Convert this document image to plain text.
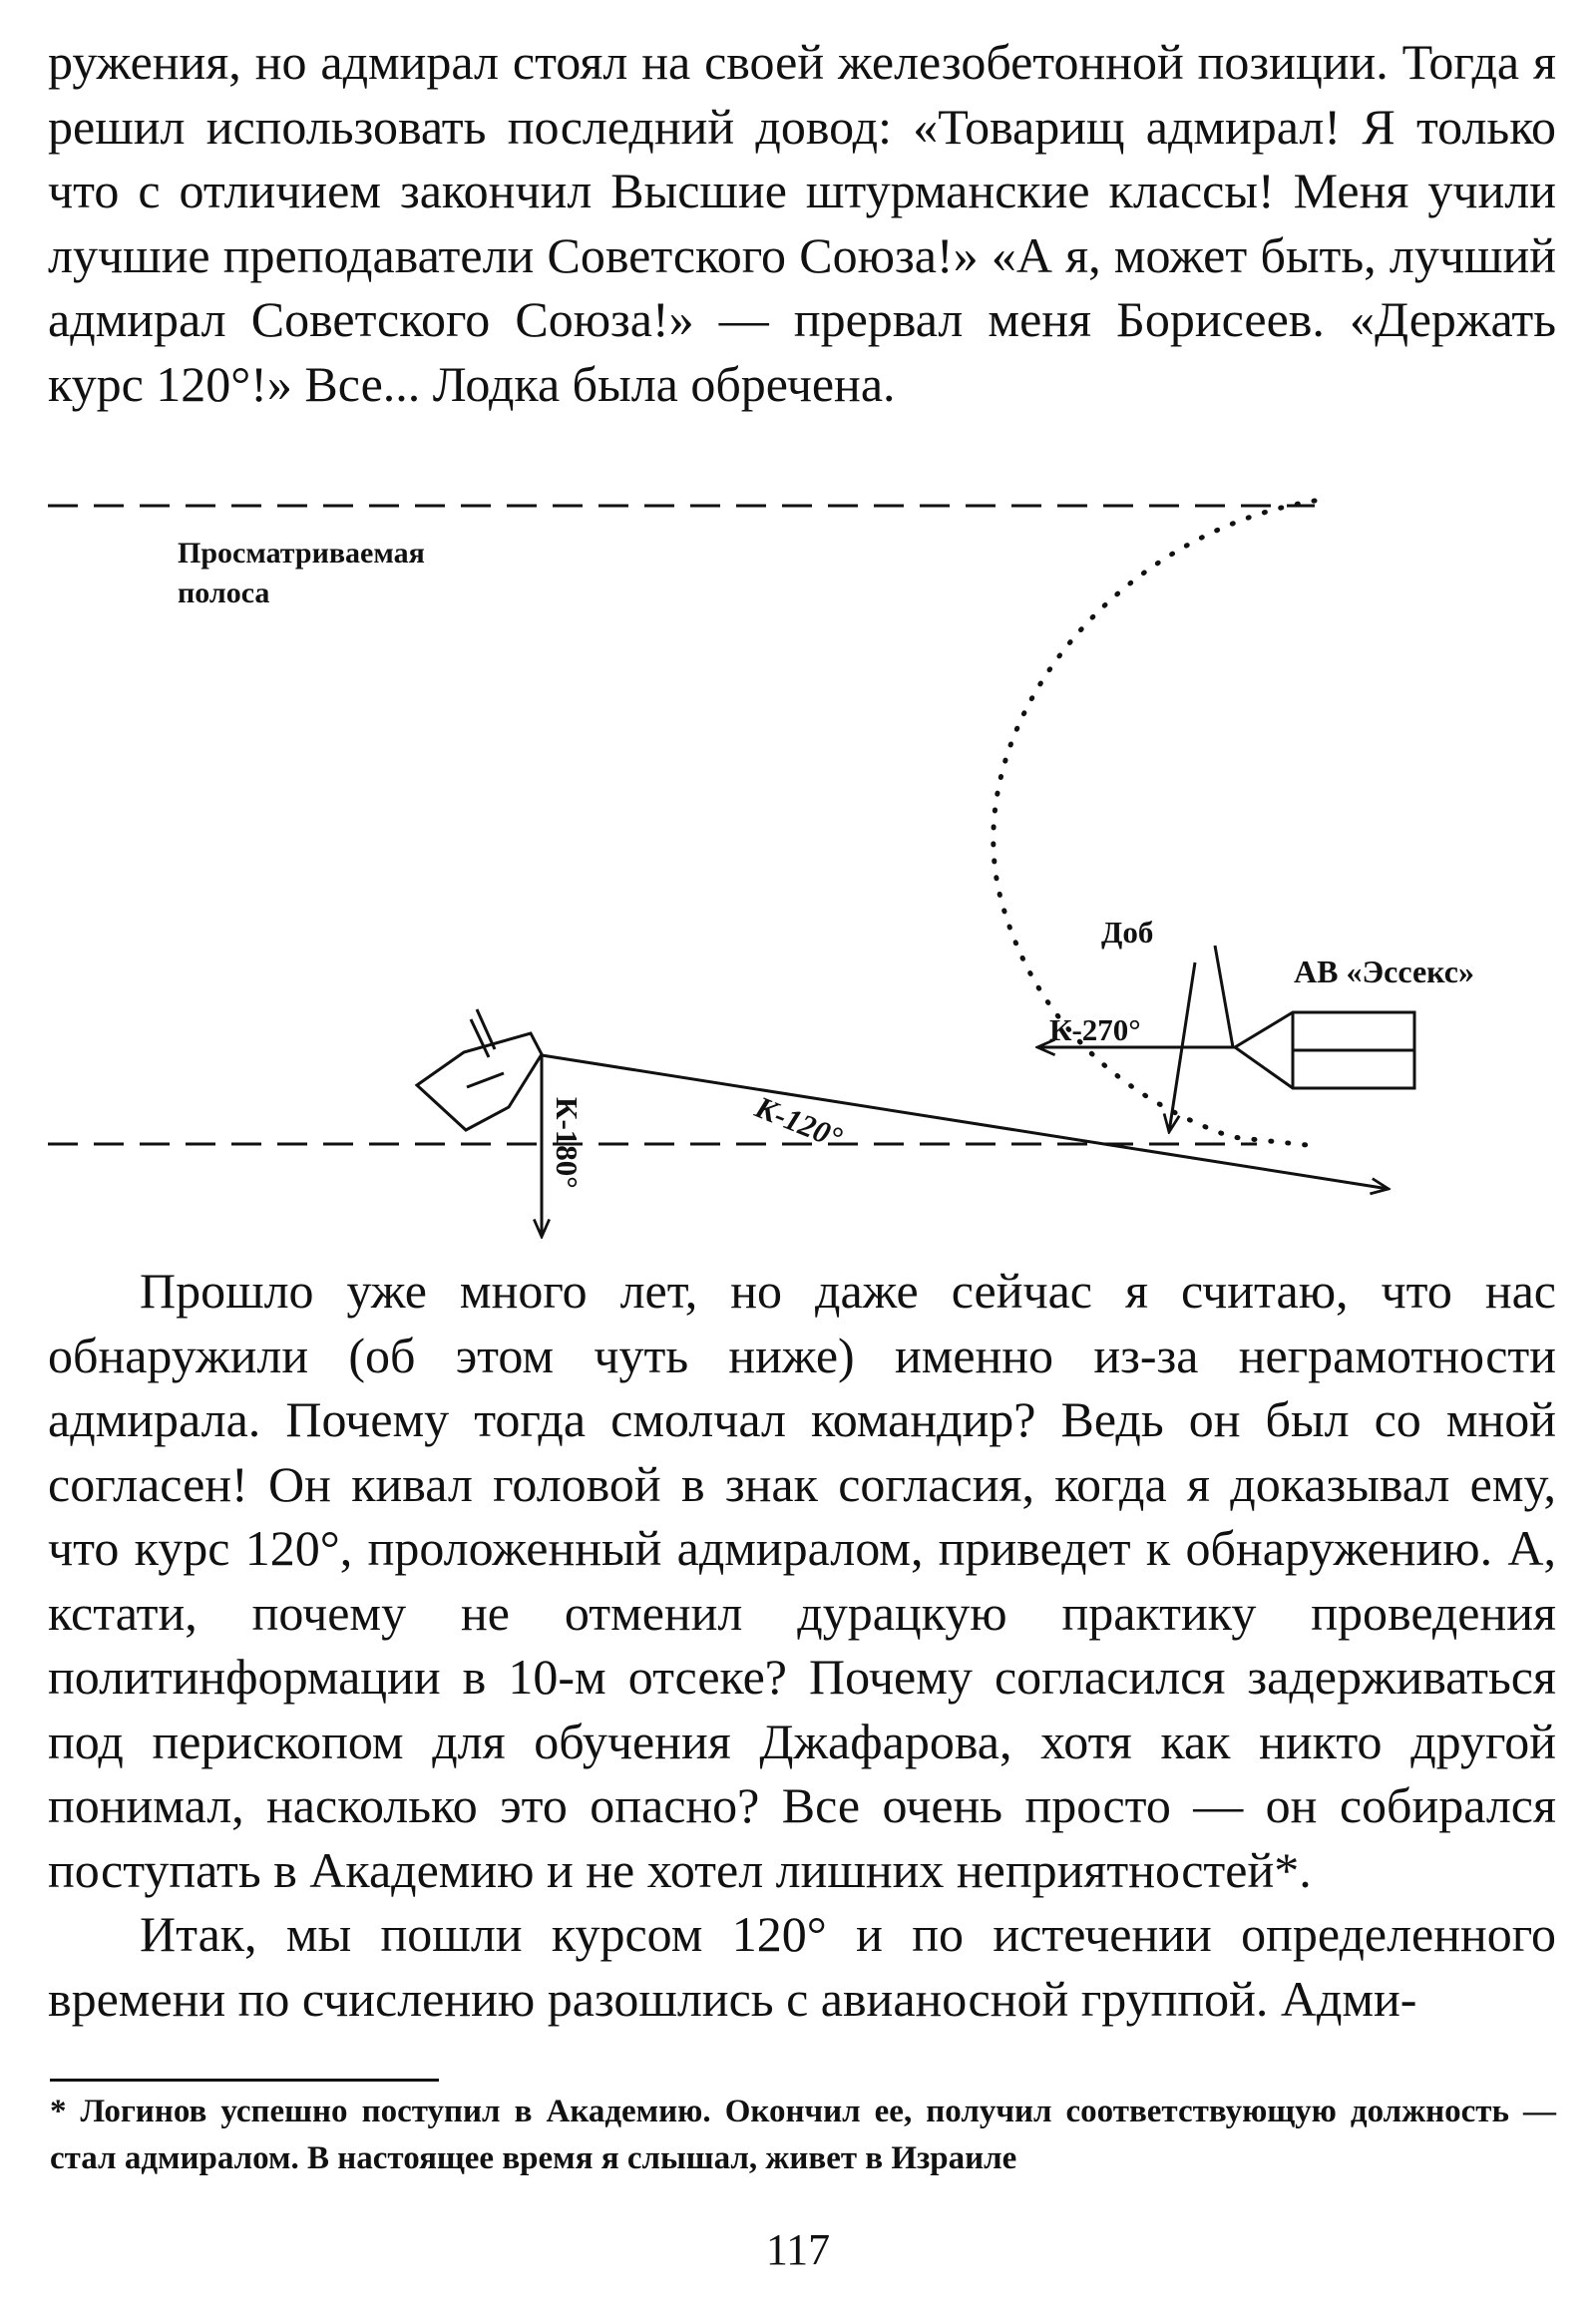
ружения, но адмирал стоял на своей железобетонной позиции. Тогда я решил использовать последний довод: «Товарищ адмирал! Я только что с отличием закончил Высшие штурманские классы! Меня учили лучшие преподаватели Советского Союза!» «А я, может быть, лучший адмирал Советского Союза!» — прервал меня Борисеев. «Держать курс 120°!» Все... Лодка была обречена.

Просматриваемая
полоса
АВ «Эссекс»
К-270°
К-120°
К-180°
Доб

Прошло уже много лет, но даже сейчас я считаю, что нас обнаружили (об этом чуть ниже) именно из-за неграмотности адмирала. Почему тогда смолчал командир? Ведь он был со мной согласен! Он кивал головой в знак согласия, когда я доказывал ему, что курс 120°, проложенный адмиралом, приведет к обнаружению. А, кстати, почему не отменил дурацкую практику проведения политинформации в 10-м отсеке? Почему согласился задерживаться под перископом для обучения Джафарова, хотя как никто другой понимал, насколько это опасно? Все очень просто — он собирался поступать в Академию и не хотел лишних неприятностей*.

Итак, мы пошли курсом 120° и по истечении определенного времени по счислению разошлись с авианосной группой. Адми-

* Логинов успешно поступил в Академию. Окончил ее, получил соответствующую должность — стал адмиралом. В настоящее время я слышал, живет в Израиле
117
